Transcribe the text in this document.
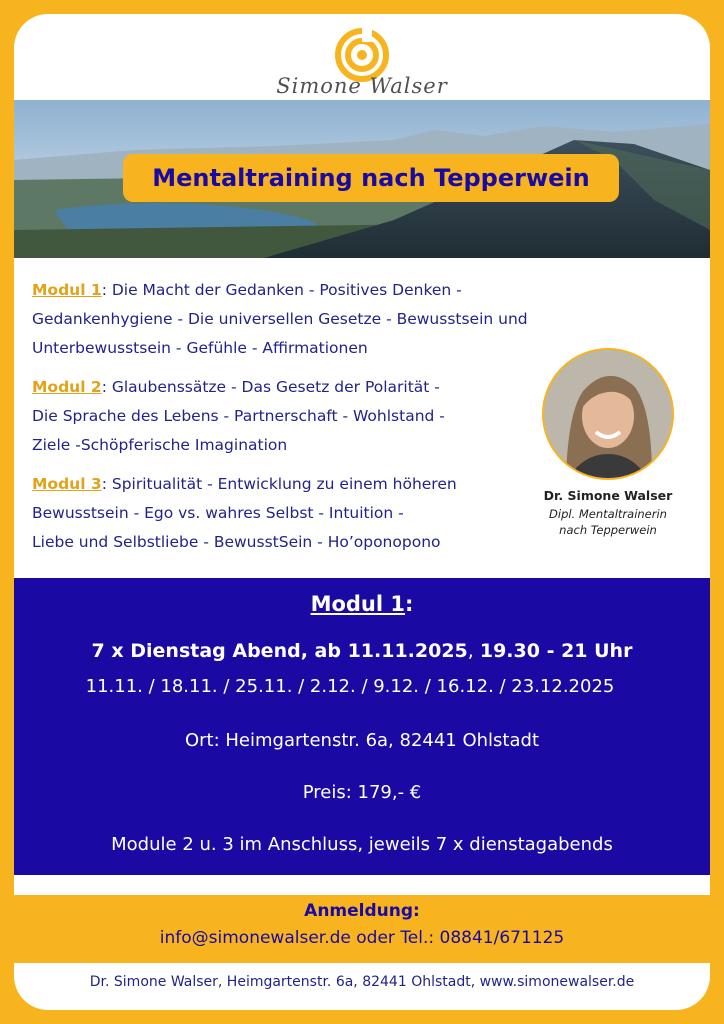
Simone Walser
Mentaltraining nach Tepperwein
Modul 1: Die Macht der Gedanken - Positives Denken -
Gedankenhygiene - Die universellen Gesetze - Bewusstsein und
Unterbewusstsein - Gefühle - Affirmationen
Modul 2: Glaubenssätze - Das Gesetz der Polarität -
Die Sprache des Lebens - Partnerschaft - Wohlstand -
Ziele -Schöpferische Imagination
Modul 3: Spiritualität - Entwicklung zu einem höheren
Bewusstsein - Ego vs. wahres Selbst - Intuition -
Liebe und Selbstliebe - BewusstSein - Ho’oponopono
Dr. Simone Walser
Dipl. Mentaltrainerin
nach Tepperwein
Modul 1:
7 x Dienstag Abend, ab 11.11.2025, 19.30 - 21 Uhr
11.11. / 18.11. / 25.11. / 2.12. / 9.12. / 16.12. / 23.12.2025
Ort: Heimgartenstr. 6a, 82441 Ohlstadt
Preis: 179,- €
Module 2 u. 3 im Anschluss, jeweils 7 x dienstagabends
Anmeldung:
info@simonewalser.de oder Tel.: 08841/671125
Dr. Simone Walser, Heimgartenstr. 6a, 82441 Ohlstadt, www.simonewalser.de
